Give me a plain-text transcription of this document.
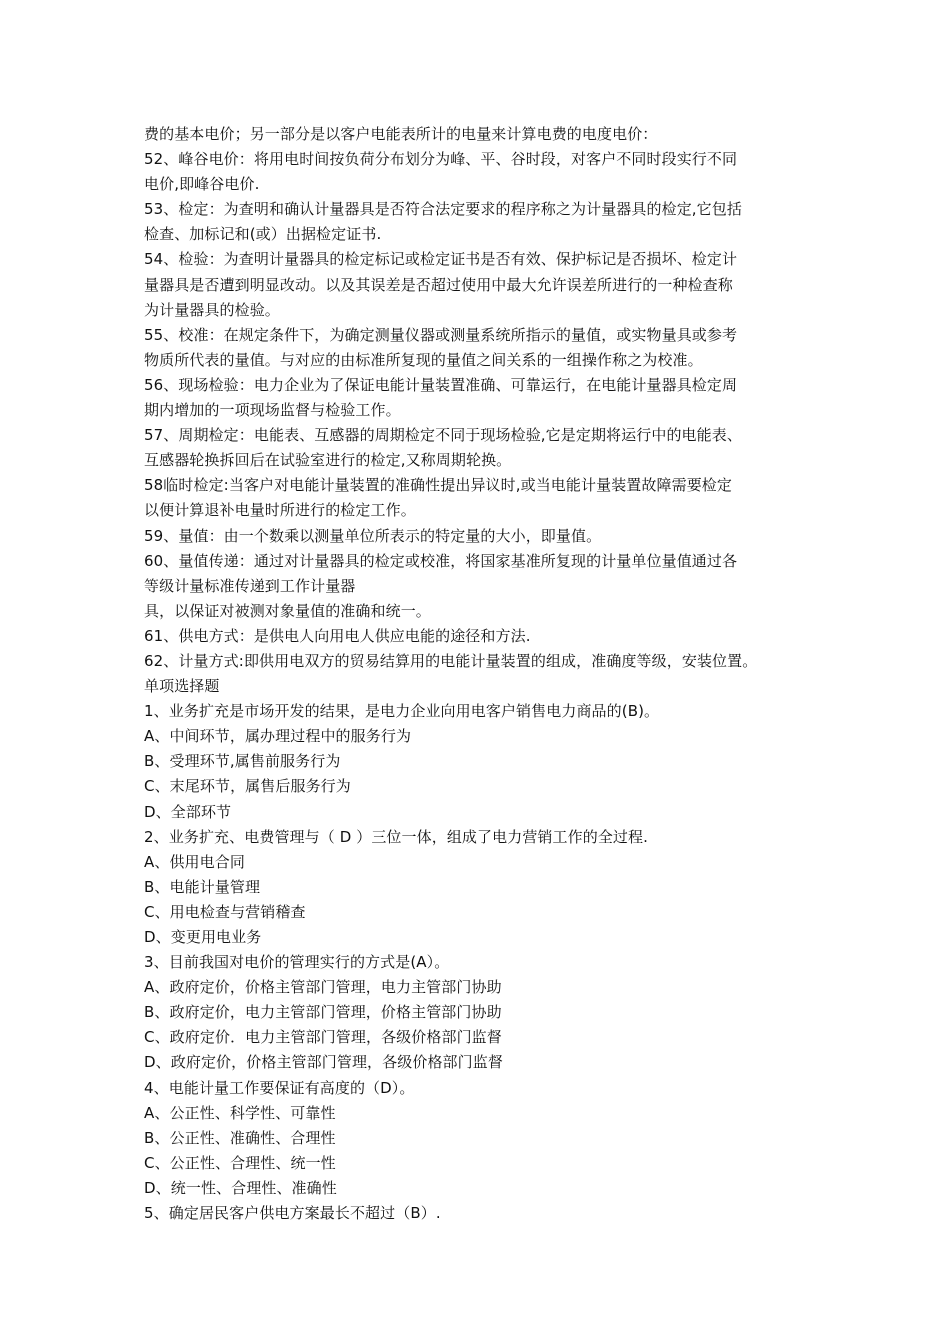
费的基本电价；另一部分是以客户电能表所计的电量来计算电费的电度电价：
52、峰谷电价：将用电时间按负荷分布划分为峰、平、谷时段，对客户不同时段实行不同
电价,即峰谷电价.
53、检定：为查明和确认计量器具是否符合法定要求的程序称之为计量器具的检定,它包括
检查、加标记和(或）出据检定证书.
54、检验：为查明计量器具的检定标记或检定证书是否有效、保护标记是否损坏、检定计
量器具是否遭到明显改动。以及其误差是否超过使用中最大允许误差所进行的一种检查称
为计量器具的检验。
55、校准：在规定条件下，为确定测量仪器或测量系统所指示的量值，或实物量具或参考
物质所代表的量值。与对应的由标准所复现的量值之间关系的一组操作称之为校准。
56、现场检验：电力企业为了保证电能计量装置准确、可靠运行，在电能计量器具检定周
期内增加的一项现场监督与检验工作。
57、周期检定：电能表、互感器的周期检定不同于现场检验,它是定期将运行中的电能表、
互感器轮换拆回后在试验室进行的检定,又称周期轮换。
58临时检定:当客户对电能计量装置的准确性提出异议时,或当电能计量装置故障需要检定
以便计算退补电量时所进行的检定工作。
59、量值：由一个数乘以测量单位所表示的特定量的大小，即量值。
60、量值传递：通过对计量器具的检定或校准，将国家基准所复现的计量单位量值通过各
等级计量标准传递到工作计量器
具，以保证对被测对象量值的准确和统一。
61、供电方式：是供电人向用电人供应电能的途径和方法.
62、计量方式:即供用电双方的贸易结算用的电能计量装置的组成，准确度等级，安装位置。
单项选择题
1、业务扩充是市场开发的结果，是电力企业向用电客户销售电力商品的(B)。
A、中间环节，属办理过程中的服务行为
B、受理环节,属售前服务行为
C、末尾环节，属售后服务行为
D、全部环节
2、业务扩充、电费管理与（ D ）三位一体，组成了电力营销工作的全过程.
A、供用电合同
B、电能计量管理
C、用电检查与营销稽查
D、变更用电业务
3、目前我国对电价的管理实行的方式是(A）。
A、政府定价，价格主管部门管理，电力主管部门协助
B、政府定价，电力主管部门管理，价格主管部门协助
C、政府定价．电力主管部门管理，各级价格部门监督
D、政府定价，价格主管部门管理，各级价格部门监督
4、电能计量工作要保证有高度的（D）。
A、公正性、科学性、可靠性
B、公正性、准确性、合理性
C、公正性、合理性、统一性
D、统一性、合理性、准确性
5、确定居民客户供电方案最长不超过（B）.
